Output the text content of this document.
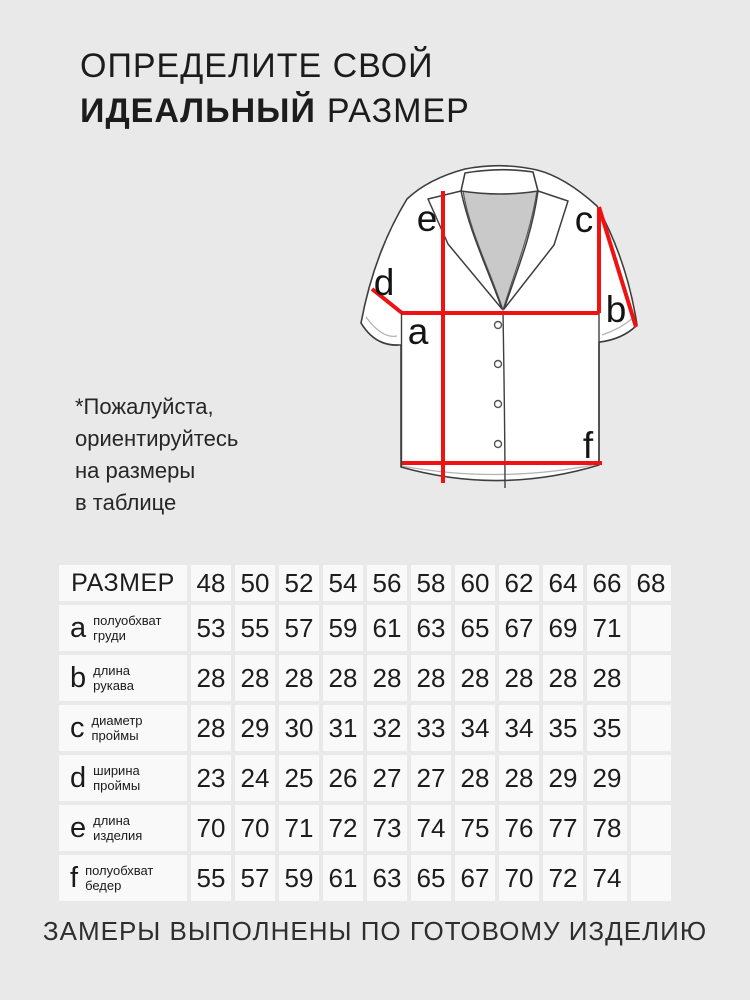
ОПРЕДЕЛИТЕ СВОЙ
ИДЕАЛЬНЫЙ РАЗМЕР
e	c
d
b
a
f
*Пожалуйста,
ориентируйтесь
на размеры
в таблице
РАЗМЕР	48	50	52	54	56	58	60	62	64	66	68

a полуобхват
груди	53	55	57	59	61	63	65	67	69	71	

b длина
рукава	28	28	28	28	28	28	28	28	28	28	

c диаметр
проймы	28	29	30	31	32	33	34	34	35	35	

d ширина
проймы	23	24	25	26	27	27	28	28	29	29	

e длина
изделия	70	70	71	72	73	74	75	76	77	78	

f полуобхват
бедер	55	57	59	61	63	65	67	70	72	74	
ЗАМЕРЫ ВЫПОЛНЕНЫ ПО ГОТОВОМУ ИЗДЕЛИЮ
